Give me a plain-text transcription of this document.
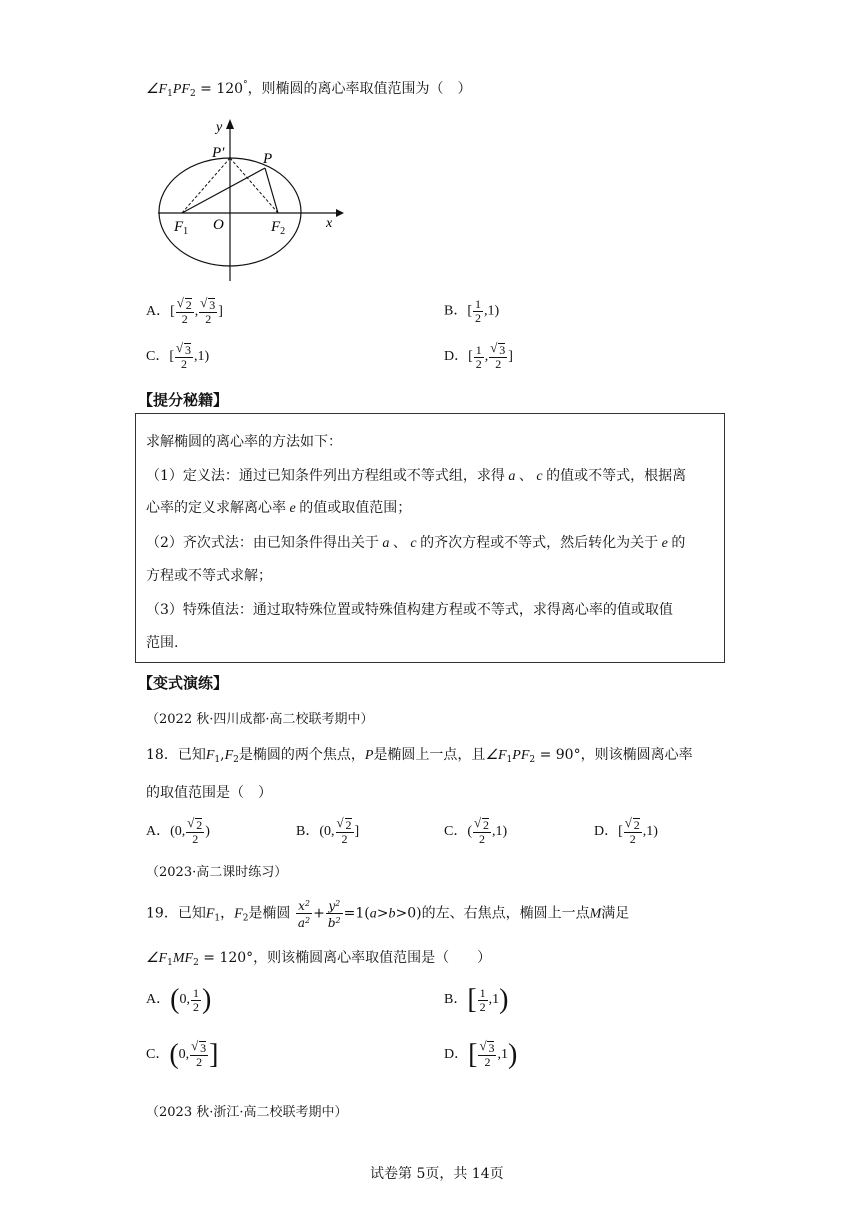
$\angle F_1PF_2 = 120^\circ$，则椭圆的离心率取值范围为（　）
y
x
P′	P
O
$F_1$	$F_2$
A．[ √ $\frac{2}{2}$ , √ $\frac{3}{2}$ ]	B．[ $\frac{1}{2} ,1$)
C．[ √ $\frac{3}{2} ,1$)	D．[ $\frac{1}{2}$ , √ $\frac{3}{2}$ ]
【提分秘籍】
求解椭圆的离心率的方法如下：
（1）定义法：通过已知条件列出方程组或不等式组，求得 a 、 c 的值或不等式，根据离
心率的定义求解离心率 e 的值或取值范围；
（2）齐次式法：由已知条件得出关于 a 、 c 的齐次方程或不等式，然后转化为关于 e 的
方程或不等式求解；
（3）特殊值法：通过取特殊位置或特殊值构建方程或不等式，求得离心率的值或取值
范围.
【变式演练】
（2022 秋·四川成都·高二校联考期中）
18．已知$F_1,F_2$是椭圆的两个焦点，P是椭圆上一点，且$\angle F_1PF_2 = 90^\circ$，则该椭圆离心率
的取值范围是（　）
A．(0, √ $\frac{2}{2}$ )	B．(0, √ $\frac{2}{2}$ ]	C．( √ $\frac{2}{2} ,1$)	D．[ √ $\frac{2}{2} ,1$)
（2023·高二课时练习）
19．已知$F_1$，$F_2$是椭圆 $\frac{x^2}{a^2} + \frac{y^2}{b^2} =1(a>b>0)$的左、右焦点，椭圆上一点M满足
$\angle F_1MF_2 = 120^\circ$，则该椭圆离心率取值范围是（　　）
A．(0, $\frac{1}{2}$ )	B．[ $\frac{1}{2} ,1$)
C．(0, √ $\frac{3}{2}$ ]	D．[ √ $\frac{3}{2} ,1$)
（2023 秋·浙江·高二校联考期中）
试卷第 5页，共 14页
